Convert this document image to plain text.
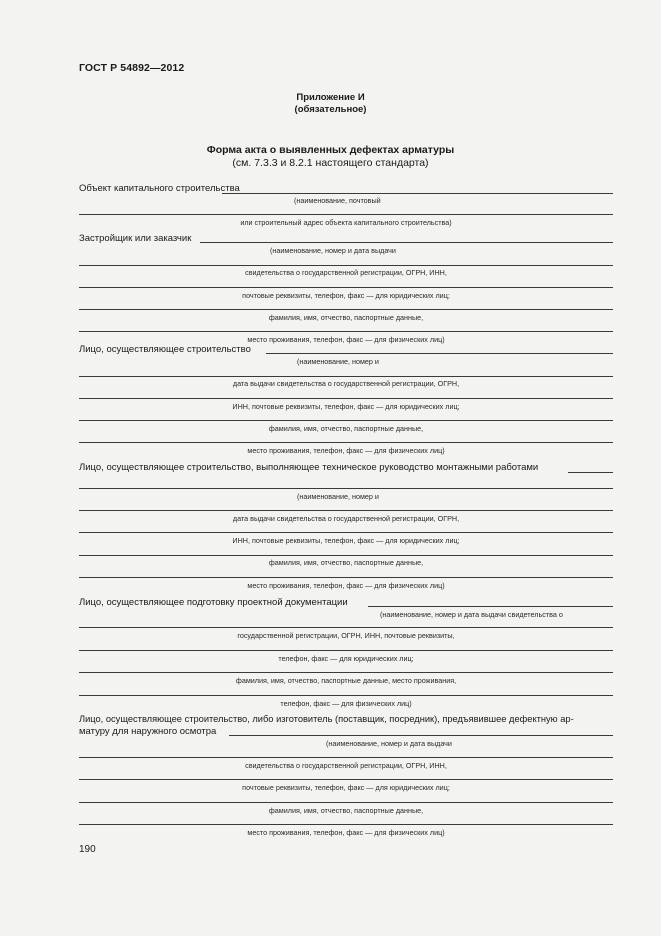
ГОСТ Р 54892—2012
Приложение И
(обязательное)
Форма акта о выявленных дефектах арматуры
(см. 7.3.3 и 8.2.1 настоящего стандарта)
Объект капитального строительства
(наименование, почтовый
или строительный адрес объекта капитального строительства)
Застройщик или заказчик
(наименование, номер и дата выдачи
свидетельства о государственной регистрации, ОГРН, ИНН,
почтовые реквизиты, телефон, факс — для юридических лиц;
фамилия, имя, отчество, паспортные данные,
место проживания, телефон, факс — для физических лиц)
Лицо, осуществляющее строительство
(наименование, номер и
дата выдачи свидетельства о государственной регистрации, ОГРН,
ИНН, почтовые реквизиты, телефон, факс — для юридических лиц;
фамилия, имя, отчество, паспортные данные,
место проживания, телефон, факс — для физических лиц)
Лицо, осуществляющее строительство, выполняющее техническое руководство монтажными работами
(наименование, номер и
дата выдачи свидетельства о государственной регистрации, ОГРН,
ИНН, почтовые реквизиты, телефон, факс — для юридических лиц;
фамилия, имя, отчество, паспортные данные,
место проживания, телефон, факс — для физических лиц)
Лицо, осуществляющее подготовку проектной документации
(наименование, номер и дата выдачи свидетельства о
государственной регистрации, ОГРН, ИНН, почтовые реквизиты,
телефон, факс — для юридических лиц;
фамилия, имя, отчество, паспортные данные, место проживания,
телефон, факс — для физических лиц)
Лицо, осуществляющее строительство, либо изготовитель (поставщик, посредник), предъявившее дефектную ар-
матуру для наружного осмотра
(наименование, номер и дата выдачи
свидетельства о государственной регистрации, ОГРН, ИНН,
почтовые реквизиты, телефон, факс — для юридических лиц;
фамилия, имя, отчество, паспортные данные,
место проживания, телефон, факс — для физических лиц)
190
